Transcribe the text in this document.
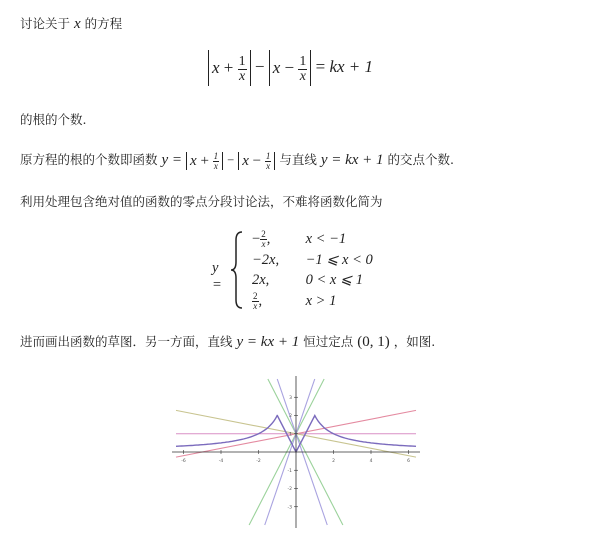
讨论关于 x 的方程
$x + \frac{1}{x} - x - \frac{1}{x}$ = kx + 1
的根的个数.
原方程的根的个数即函数 $y = x + \frac{1}{x} - x - \frac{1}{x}$ 与直线 y = kx + 1 的交点个数.
利用处理包含绝对值的函数的零点分段讨论法，不难将函数化简为
y =
− $\frac{2}{x}$ , x < −1
−2x, −1 ⩽ x < 0
2x,	0 < x ⩽ 1
$\frac{2}{x}$ ,	x > 1
进而画出函数的草图．另一方面，直线 y = kx + 1 恒过定点 (0, 1) ，如图.
-6	-4	-2	2	4	6
3
2
1
-1
-2
-3
